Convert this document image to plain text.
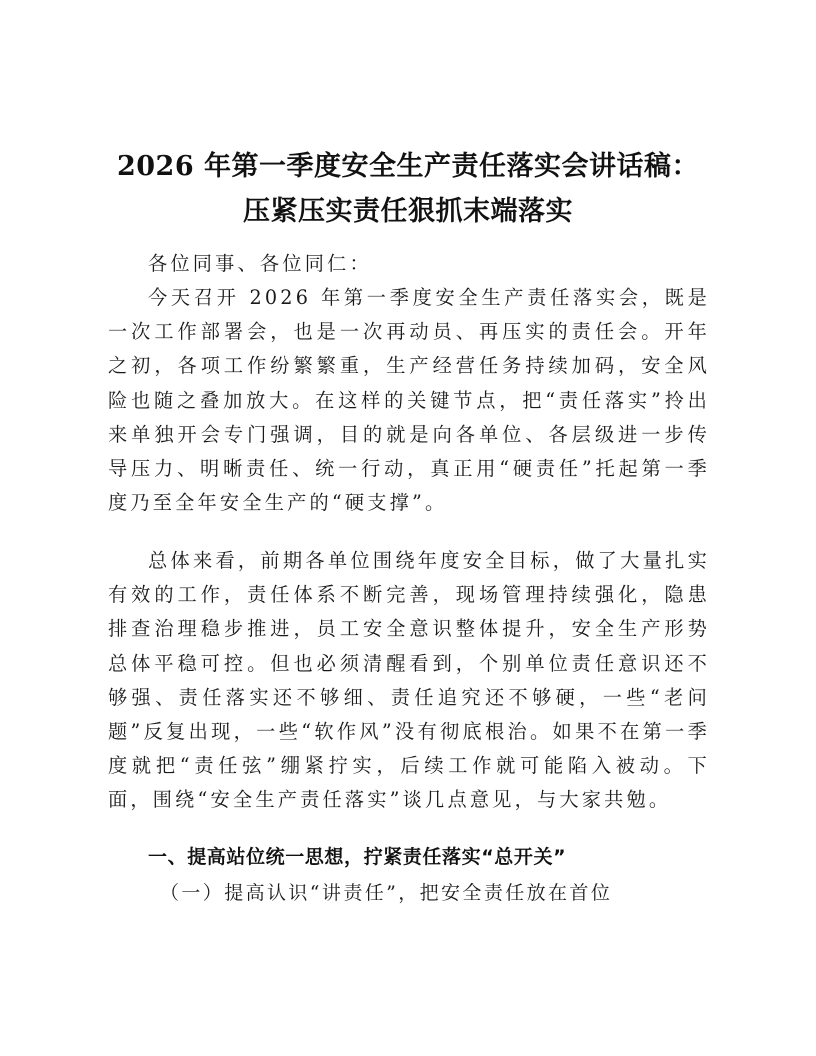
2026 年第一季度安全生产责任落实会讲话稿：
压紧压实责任狠抓末端落实
各位同事、各位同仁：
今天召开 2026 年第一季度安全生产责任落实会，既是一次工作部署会，也是一次再动员、再压实的责任会。开年之初，各项工作纷繁繁重，生产经营任务持续加码，安全风险也随之叠加放大。在这样的关键节点，把“责任落实”拎出来单独开会专门强调，目的就是向各单位、各层级进一步传导压力、明晰责任、统一行动，真正用“硬责任”托起第一季度乃至全年安全生产的“硬支撑”。
总体来看，前期各单位围绕年度安全目标，做了大量扎实有效的工作，责任体系不断完善，现场管理持续强化，隐患排查治理稳步推进，员工安全意识整体提升，安全生产形势总体平稳可控。但也必须清醒看到，个别单位责任意识还不够强、责任落实还不够细、责任追究还不够硬，一些“老问题”反复出现，一些“软作风”没有彻底根治。如果不在第一季度就把“责任弦”绷紧拧实，后续工作就可能陷入被动。下面，围绕“安全生产责任落实”谈几点意见，与大家共勉。
一、提高站位统一思想，拧紧责任落实“总开关”
（一）提高认识“讲责任”，把安全责任放在首位
